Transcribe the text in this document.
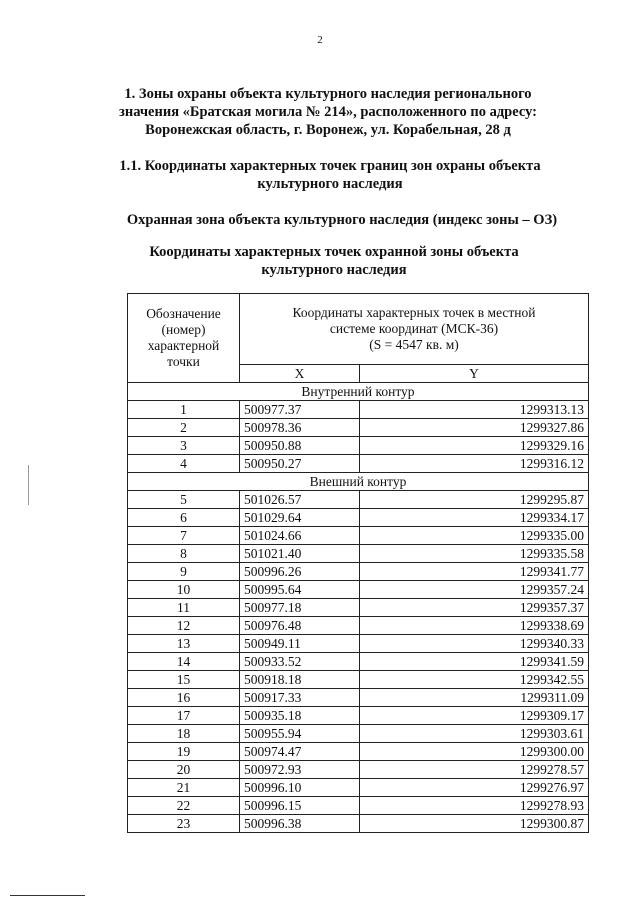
2
1. Зоны охраны объекта культурного наследия регионального
значения «Братская могила № 214», расположенного по адресу:
Воронежская область, г. Воронеж, ул. Корабельная, 28 д
1.1. Координаты характерных точек границ зон охраны объекта
культурного наследия
Охранная зона объекта культурного наследия (индекс зоны – ОЗ)
Координаты характерных точек охранной зоны объекта
культурного наследия
Обозначение
(номер)
характерной
точки	Координаты характерных точек в местной
системе координат (МСК-36)
(S = 4547 кв. м)	

	X	Y
Внутренний контур		
1	500977.37	1299313.13
2	500978.36	1299327.86
3	500950.88	1299329.16
4	500950.27	1299316.12
Внешний контур		
5	501026.57	1299295.87
6	501029.64	1299334.17
7	501024.66	1299335.00
8	501021.40	1299335.58
9	500996.26	1299341.77
10	500995.64	1299357.24
11	500977.18	1299357.37
12	500976.48	1299338.69
13	500949.11	1299340.33
14	500933.52	1299341.59
15	500918.18	1299342.55
16	500917.33	1299311.09
17	500935.18	1299309.17
18	500955.94	1299303.61
19	500974.47	1299300.00
20	500972.93	1299278.57
21	500996.10	1299276.97
22	500996.15	1299278.93
23	500996.38	1299300.87
